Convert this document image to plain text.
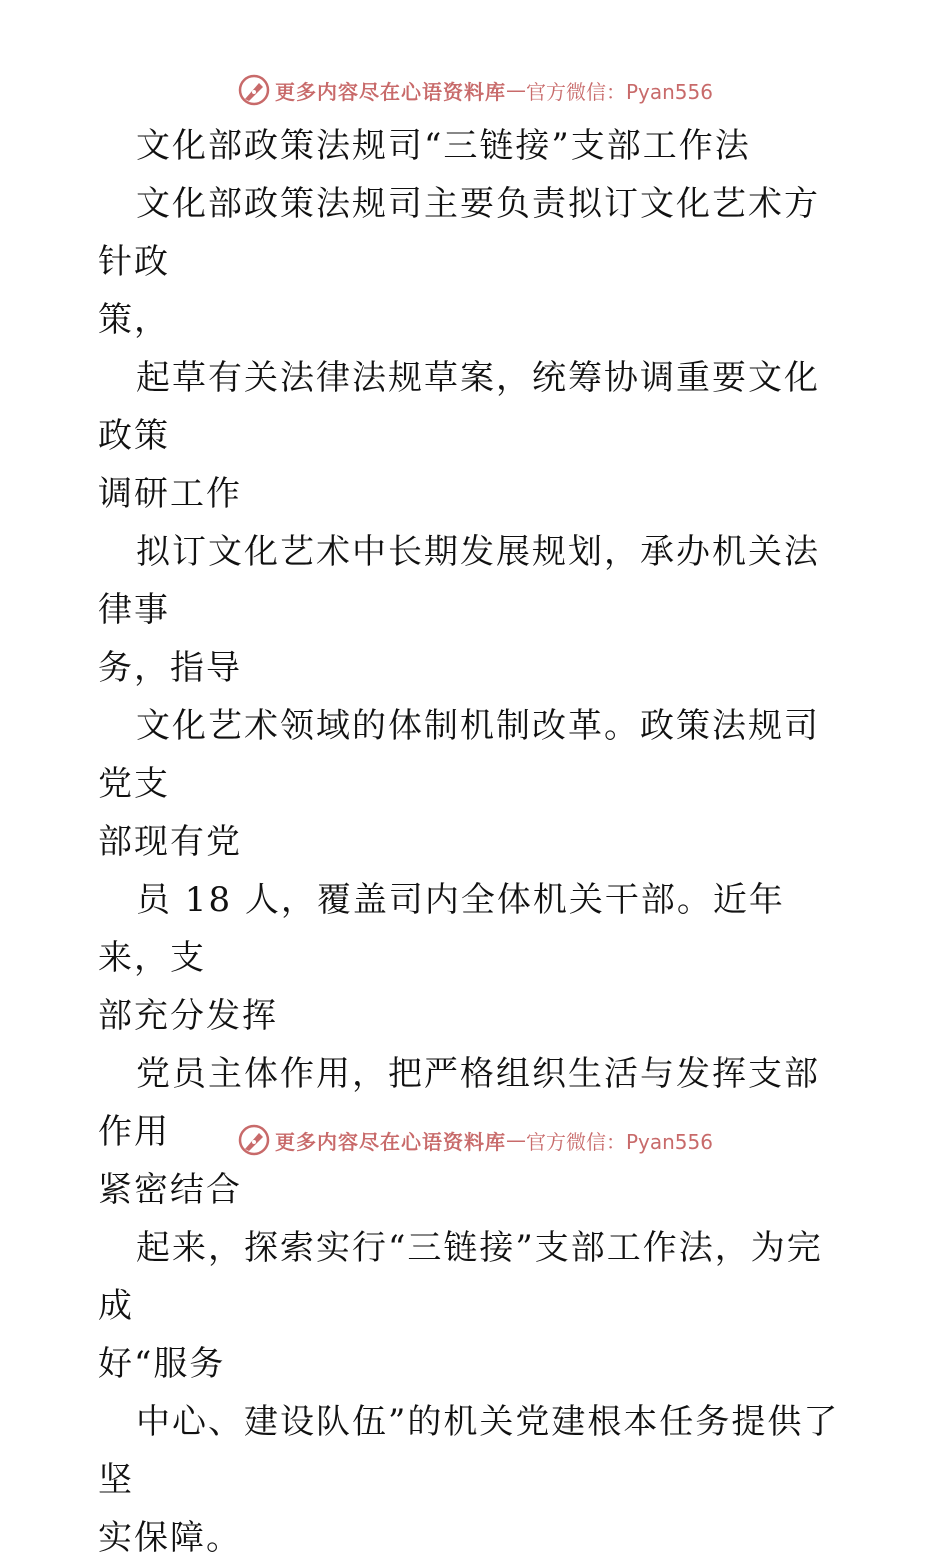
更多内容尽在心语资料库 — 官方微信：Pyan556

文化部政策法规司“三链接”支部工作法

文化部政策法规司主要负责拟订文化艺术方针政

策，

起草有关法律法规草案，统筹协调重要文化政策

调研工作

拟订文化艺术中长期发展规划，承办机关法律事

务，指导

文化艺术领域的体制机制改革。政策法规司党支

部现有党

员 18 人，覆盖司内全体机关干部。近年来，支

部充分发挥

党员主体作用，把严格组织生活与发挥支部作用

紧密结合

起来，探索实行“三链接”支部工作法，为完成

好“服务

中心、建设队伍”的机关党建根本任务提供了坚

实保障。

更多内容尽在心语资料库 — 官方微信：Pyan556
